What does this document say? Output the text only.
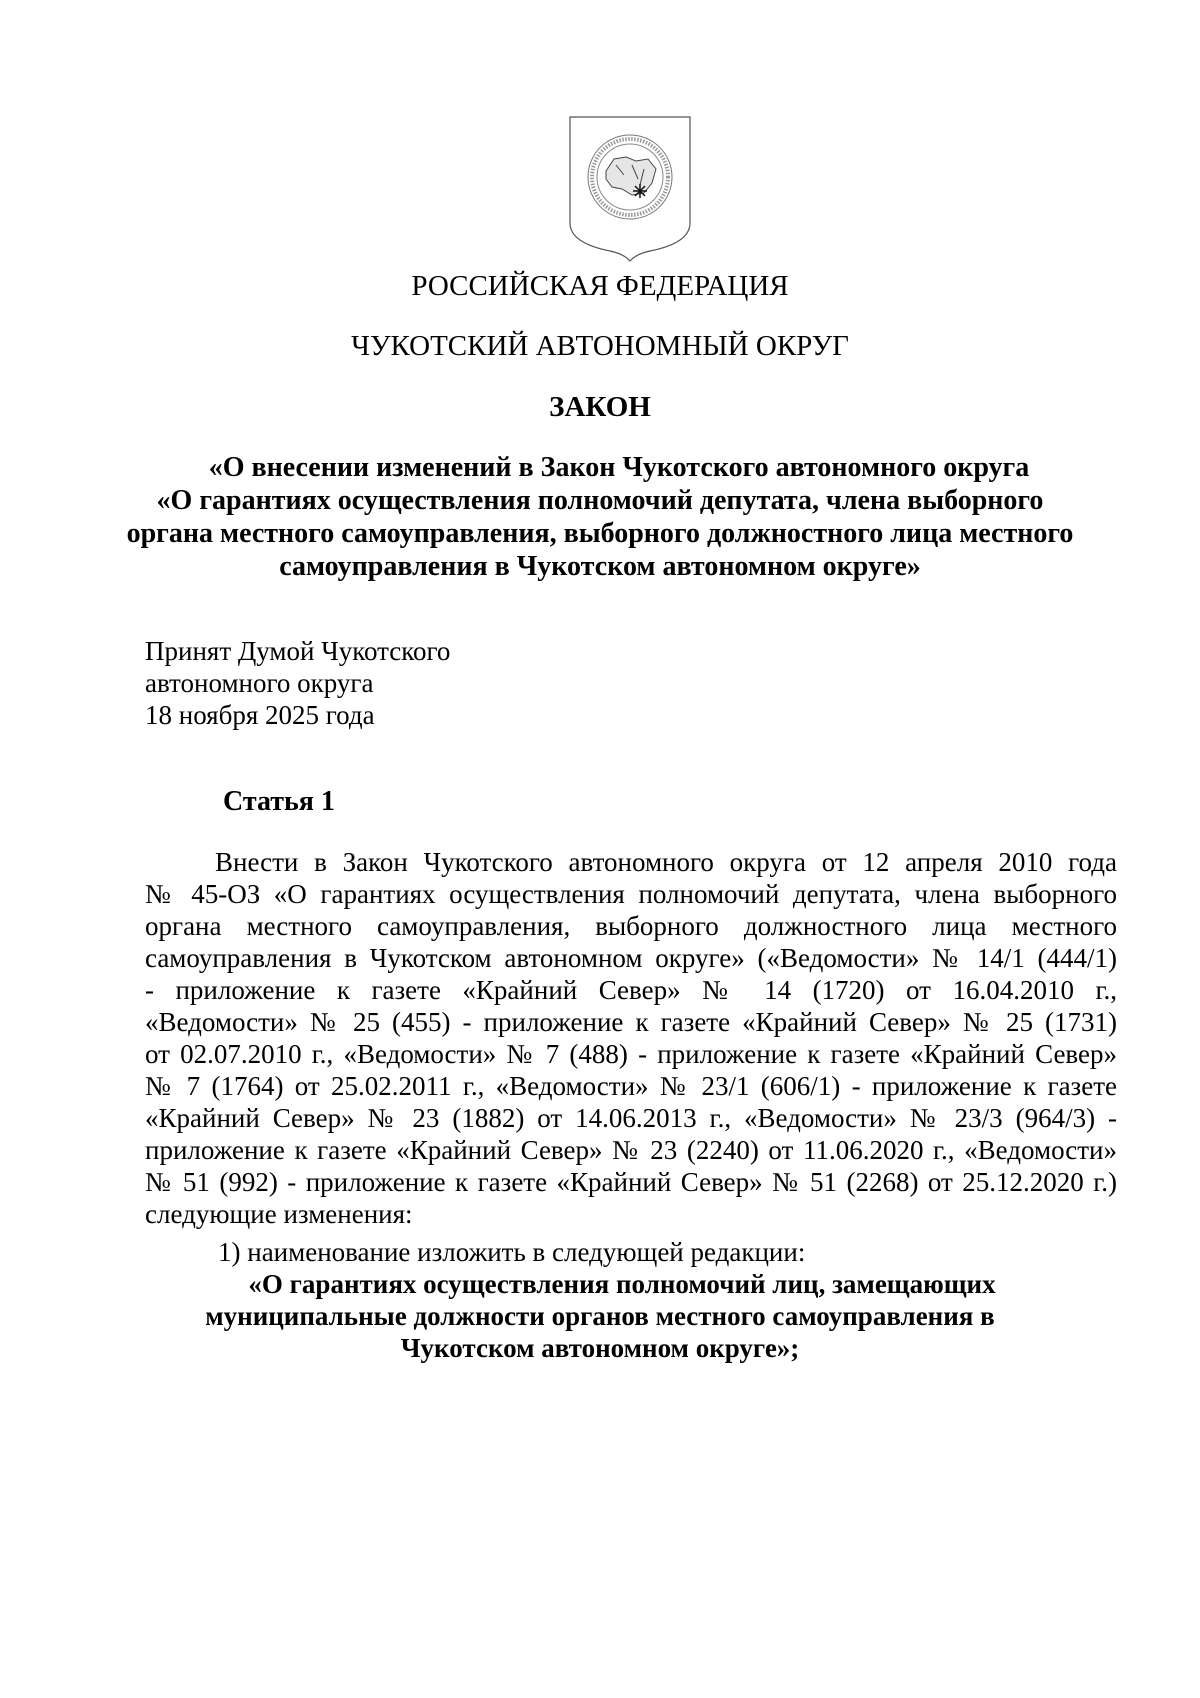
РОССИЙСКАЯ ФЕДЕРАЦИЯ
ЧУКОТСКИЙ АВТОНОМНЫЙ ОКРУГ
ЗАКОН
«О внесении изменений в Закон Чукотского автономного округа
«О гарантиях осуществления полномочий депутата, члена выборного
органа местного самоуправления, выборного должностного лица местного
самоуправления в Чукотском автономном округе»
Принят Думой Чукотского
автономного округа
18 ноября 2025 года
Статья 1
Внести в Закон Чукотского автономного округа от 12 апреля 2010 года
№ 45-ОЗ «О гарантиях осуществления полномочий депутата, члена выборного
органа местного самоуправления, выборного должностного лица местного
самоуправления в Чукотском автономном округе» («Ведомости» № 14/1 (444/1)
- приложение к газете «Крайний Север» № 14 (1720) от 16.04.2010 г.,
«Ведомости» № 25 (455) - приложение к газете «Крайний Север» № 25 (1731)
от 02.07.2010 г., «Ведомости» № 7 (488) - приложение к газете «Крайний Север»
№ 7 (1764) от 25.02.2011 г., «Ведомости» № 23/1 (606/1) - приложение к газете
«Крайний Север» № 23 (1882) от 14.06.2013 г., «Ведомости» № 23/3 (964/3) -
приложение к газете «Крайний Север» № 23 (2240) от 11.06.2020 г., «Ведомости»
№ 51 (992) - приложение к газете «Крайний Север» № 51 (2268) от 25.12.2020 г.)
следующие изменения:
1) наименование изложить в следующей редакции:
«О гарантиях осуществления полномочий лиц, замещающих
муниципальные должности органов местного самоуправления в
Чукотском автономном округе»;
